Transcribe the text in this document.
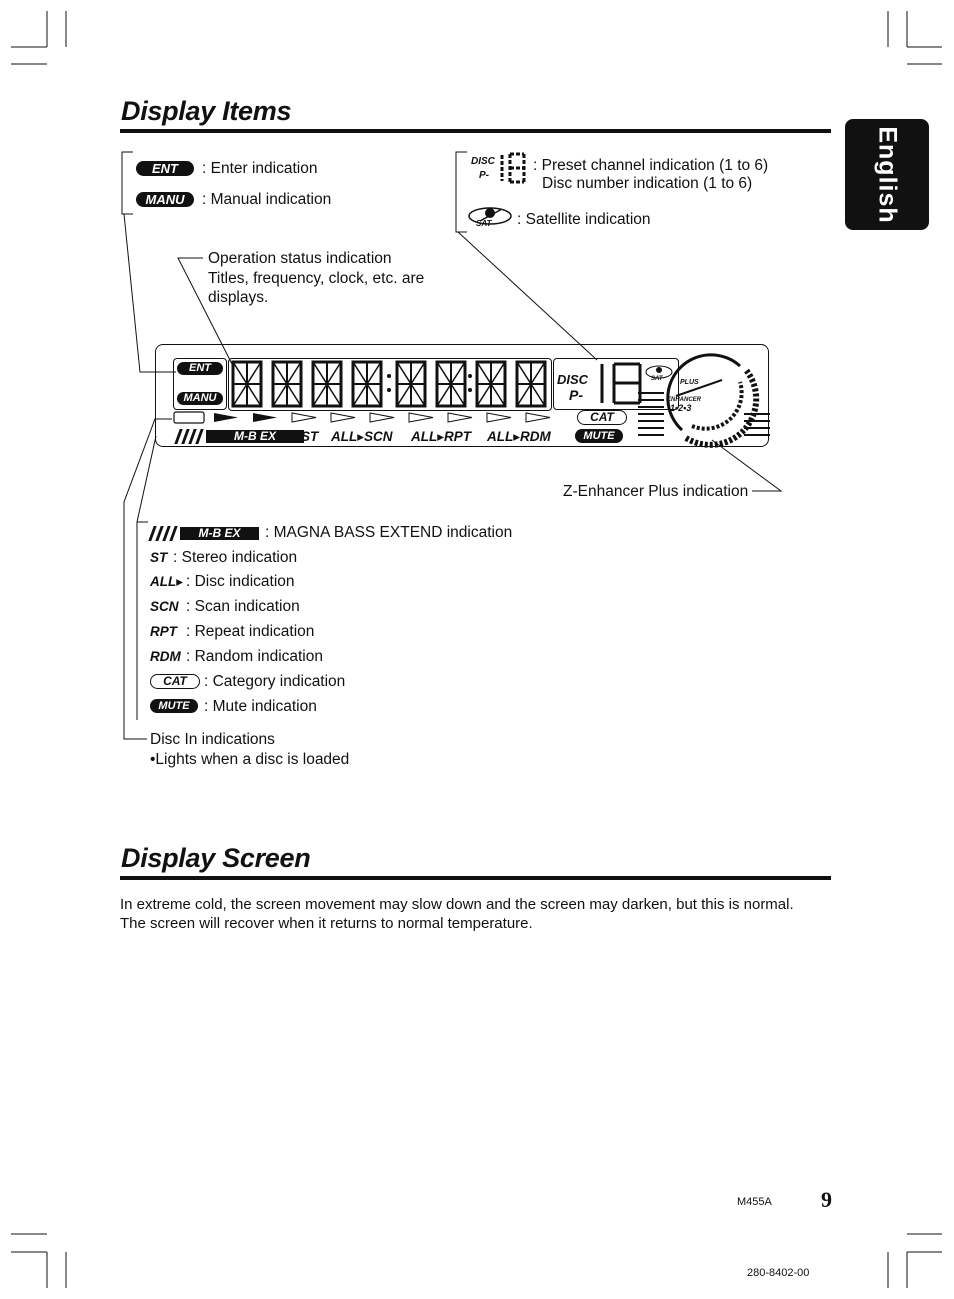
Display Items
English
ENT	: Enter indication
MANU	: Manual indication
DISC
P-
: Preset channel indication (1 to 6)
Disc number indication (1 to 6)
SAT : Satellite indication
Operation status indication
Titles, frequency, clock, etc. are
displays.
ENT
MANU
M-B EX	ST ALL▸SCN ALL▸RPT ALL▸RDM
DISC
P-
SAT
CAT
MUTE
PLUS
ENHANCER
1•2•3
Z-Enhancer Plus indication
M-B EX	: MAGNA BASS EXTEND indication
ST : Stereo indication
ALL▸ : Disc indication
SCN : Scan indication
RPT : Repeat indication
RDM : Random indication
CAT	: Category indication
MUTE : Mute indication
Disc In indications
•Lights when a disc is loaded
Display Screen
In extreme cold, the screen movement may slow down and the screen may darken, but this is normal.
The screen will recover when it returns to normal temperature.
M455A 9
280-8402-00
